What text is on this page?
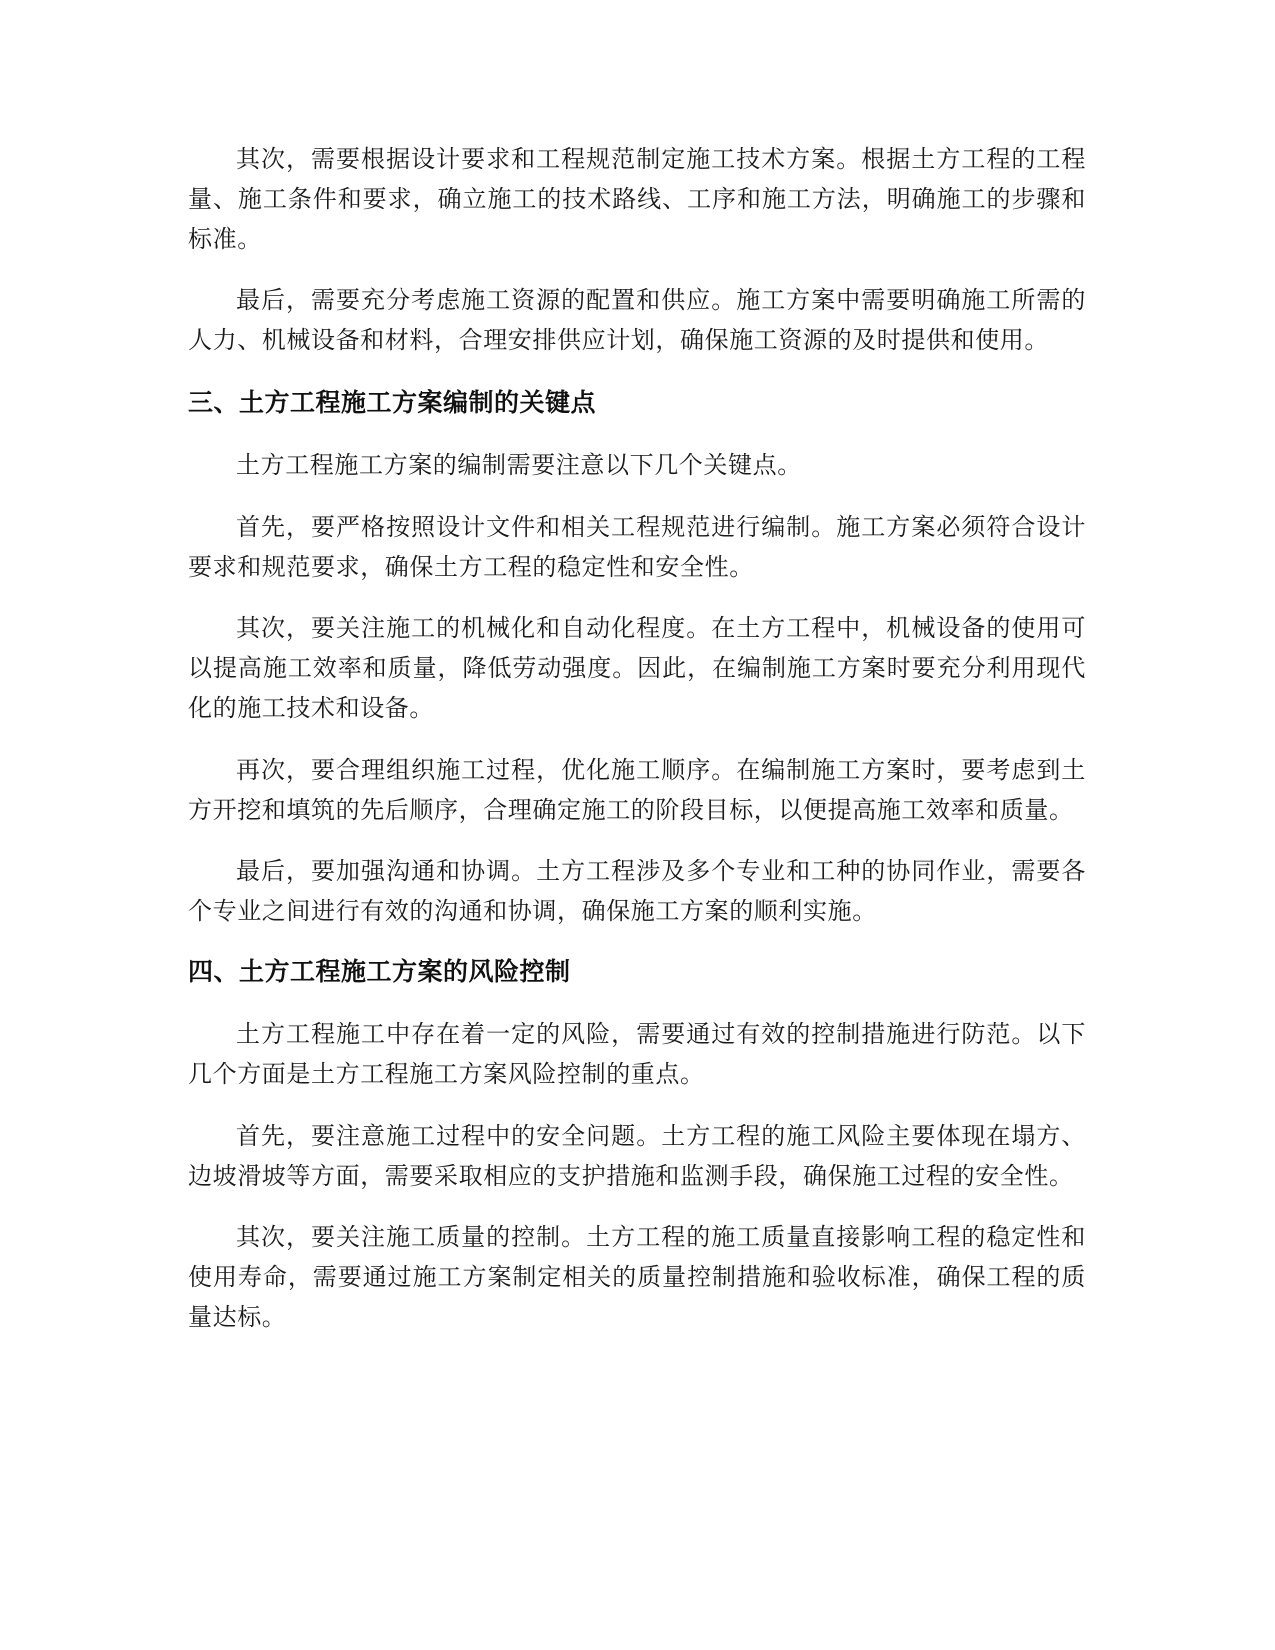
其次，需要根据设计要求和工程规范制定施工技术方案。根据土方工程的工程量、施工条件和要求，确立施工的技术路线、工序和施工方法，明确施工的步骤和标准。

最后，需要充分考虑施工资源的配置和供应。施工方案中需要明确施工所需的人力、机械设备和材料，合理安排供应计划，确保施工资源的及时提供和使用。

三、土方工程施工方案编制的关键点

土方工程施工方案的编制需要注意以下几个关键点。

首先，要严格按照设计文件和相关工程规范进行编制。施工方案必须符合设计要求和规范要求，确保土方工程的稳定性和安全性。

其次，要关注施工的机械化和自动化程度。在土方工程中，机械设备的使用可以提高施工效率和质量，降低劳动强度。因此，在编制施工方案时要充分利用现代化的施工技术和设备。

再次，要合理组织施工过程，优化施工顺序。在编制施工方案时，要考虑到土方开挖和填筑的先后顺序，合理确定施工的阶段目标，以便提高施工效率和质量。

最后，要加强沟通和协调。土方工程涉及多个专业和工种的协同作业，需要各个专业之间进行有效的沟通和协调，确保施工方案的顺利实施。

四、土方工程施工方案的风险控制

土方工程施工中存在着一定的风险，需要通过有效的控制措施进行防范。以下几个方面是土方工程施工方案风险控制的重点。

首先，要注意施工过程中的安全问题。土方工程的施工风险主要体现在塌方、边坡滑坡等方面，需要采取相应的支护措施和监测手段，确保施工过程的安全性。

其次，要关注施工质量的控制。土方工程的施工质量直接影响工程的稳定性和使用寿命，需要通过施工方案制定相关的质量控制措施和验收标准，确保工程的质量达标。
